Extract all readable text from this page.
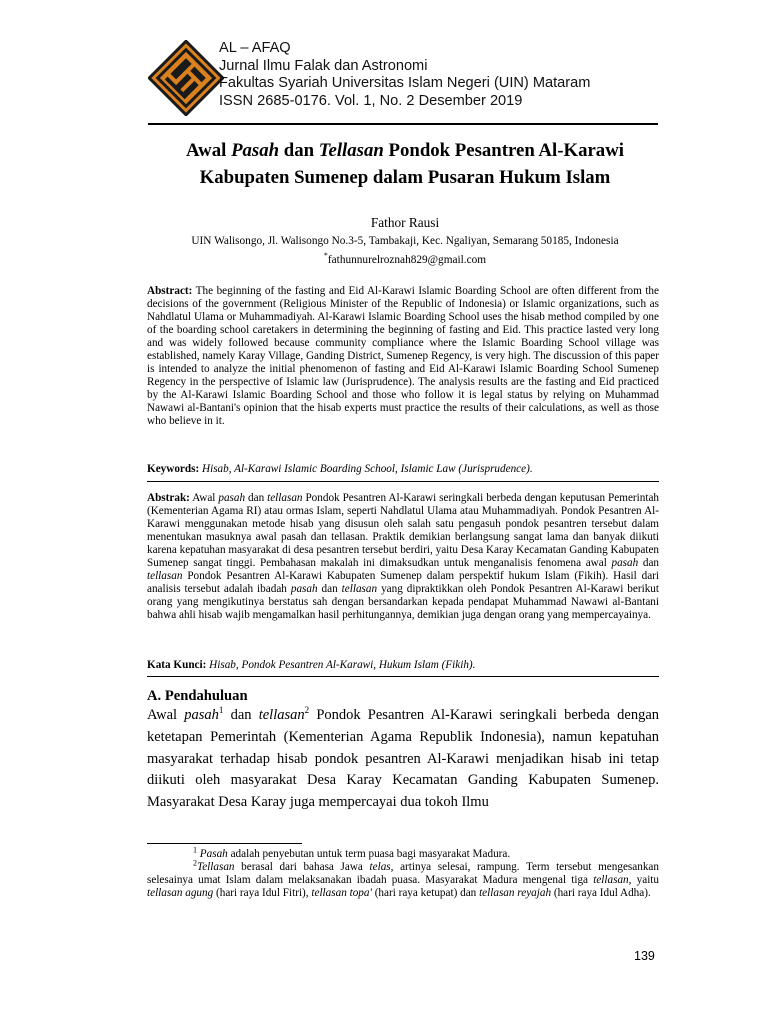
AL – AFAQ
Jurnal Ilmu Falak dan Astronomi
Fakultas Syariah Universitas Islam Negeri (UIN) Mataram
ISSN 2685-0176. Vol. 1, No. 2 Desember 2019
Awal Pasah dan Tellasan Pondok Pesantren Al-Karawi
Kabupaten Sumenep dalam Pusaran Hukum Islam
Fathor Rausi
UIN Walisongo, Jl. Walisongo No.3-5, Tambakaji, Kec. Ngaliyan, Semarang 50185, Indonesia
*fathunnurelroznah829@gmail.com
Abstract: The beginning of the fasting and Eid Al-Karawi Islamic Boarding School are often different from the decisions of the government (Religious Minister of the Republic of Indonesia) or Islamic organizations, such as Nahdlatul Ulama or Muhammadiyah. Al-Karawi Islamic Boarding School uses the hisab method compiled by one of the boarding school caretakers in determining the beginning of fasting and Eid. This practice lasted very long and was widely followed because community compliance where the Islamic Boarding School village was established, namely Karay Village, Ganding District, Sumenep Regency, is very high. The discussion of this paper is intended to analyze the initial phenomenon of fasting and Eid Al-Karawi Islamic Boarding School Sumenep Regency in the perspective of Islamic law (Jurisprudence). The analysis results are the fasting and Eid practiced by the Al-Karawi Islamic Boarding School and those who follow it is legal status by relying on Muhammad Nawawi al-Bantani's opinion that the hisab experts must practice the results of their calculations, as well as those who believe in it.
Keywords: Hisab, Al-Karawi Islamic Boarding School, Islamic Law (Jurisprudence).
Abstrak: Awal pasah dan tellasan Pondok Pesantren Al-Karawi seringkali berbeda dengan keputusan Pemerintah (Kementerian Agama RI) atau ormas Islam, seperti Nahdlatul Ulama atau Muhammadiyah. Pondok Pesantren Al-Karawi menggunakan metode hisab yang disusun oleh salah satu pengasuh pondok pesantren tersebut dalam menentukan masuknya awal pasah dan tellasan. Praktik demikian berlangsung sangat lama dan banyak diikuti karena kepatuhan masyarakat di desa pesantren tersebut berdiri, yaitu Desa Karay Kecamatan Ganding Kabupaten Sumenep sangat tinggi. Pembahasan makalah ini dimaksudkan untuk menganalisis fenomena awal pasah dan tellasan Pondok Pesantren Al-Karawi Kabupaten Sumenep dalam perspektif hukum Islam (Fikih). Hasil dari analisis tersebut adalah ibadah pasah dan tellasan yang dipraktikkan oleh Pondok Pesantren Al-Karawi berikut orang yang mengikutinya berstatus sah dengan bersandarkan kepada pendapat Muhammad Nawawi al-Bantani bahwa ahli hisab wajib mengamalkan hasil perhitungannya, demikian juga dengan orang yang mempercayainya.
Kata Kunci: Hisab, Pondok Pesantren Al-Karawi, Hukum Islam (Fikih).
A. Pendahuluan
Awal pasah$^1$ dan tellasan$^2$ Pondok Pesantren Al-Karawi seringkali berbeda dengan ketetapan Pemerintah (Kementerian Agama Republik Indonesia), namun kepatuhan masyarakat terhadap hisab pondok pesantren Al-Karawi menjadikan hisab ini tetap diikuti oleh masyarakat Desa Karay Kecamatan Ganding Kabupaten Sumenep. Masyarakat Desa Karay juga mempercayai dua tokoh Ilmu
$^1$ Pasah adalah penyebutan untuk term puasa bagi masyarakat Madura.
$^2$Tellasan berasal dari bahasa Jawa telas, artinya selesai, rampung. Term tersebut mengesankan selesainya umat Islam dalam melaksanakan ibadah puasa. Masyarakat Madura mengenal tiga tellasan, yaitu tellasan agung (hari raya Idul Fitri), tellasan topa' (hari raya ketupat) dan tellasan reyajah (hari raya Idul Adha).
139
